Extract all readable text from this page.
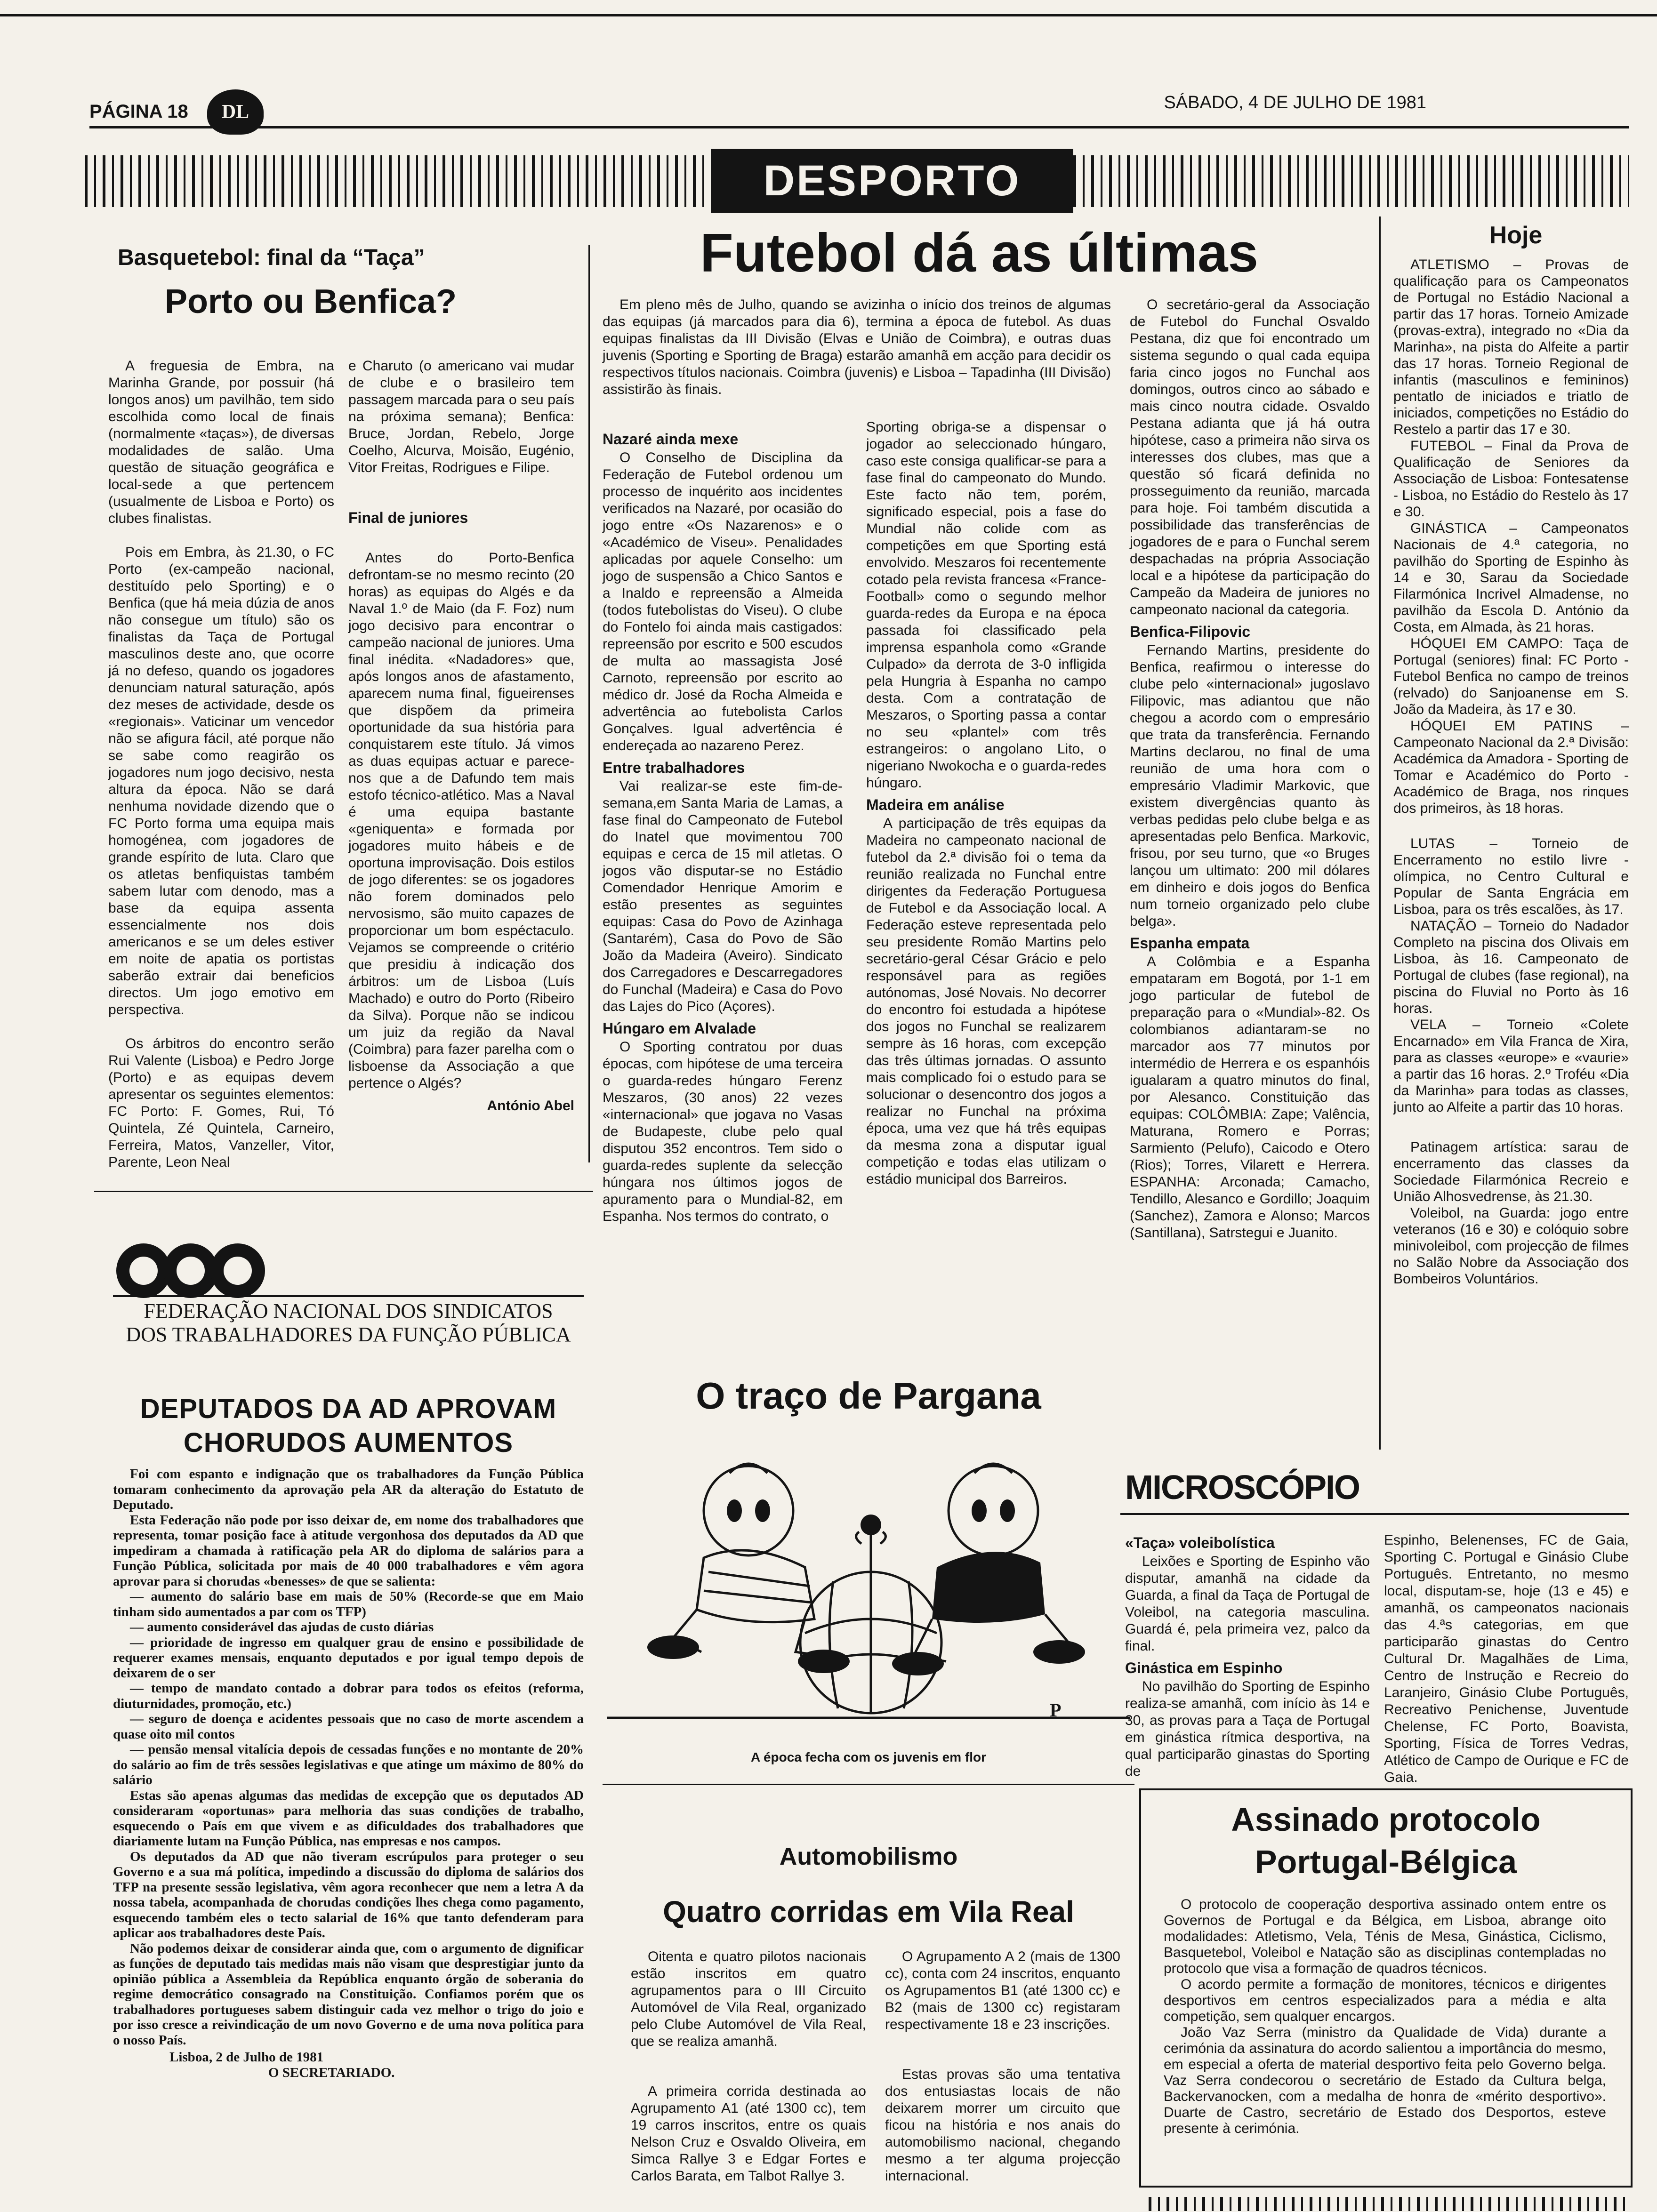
PÁGINA 18	DL	SÁBADO, 4 DE JULHO DE 1981
DESPORTO
Basquetebol: final da “Taça”
Porto ou Benfica?

A freguesia de Embra, na Marinha Grande, por possuir (há longos anos) um pavilhão, tem sido escolhida como local de finais (normalmente «taças»), de diversas modalidades de salão. Uma questão de situação geográfica e local-sede a que pertencem (usualmente de Lisboa e Porto) os clubes finalistas.

Pois em Embra, às 21.30, o FC Porto (ex-campeão nacional, destituído pelo Sporting) e o Benfica (que há meia dúzia de anos não consegue um título) são os finalistas da Taça de Portugal masculinos deste ano, que ocorre já no defeso, quando os jogadores denunciam natural saturação, após dez meses de actividade, desde os «regionais». Vaticinar um vencedor não se afigura fácil, até porque não se sabe como reagirão os jogadores num jogo decisivo, nesta altura da época. Não se dará nenhuma novidade dizendo que o FC Porto forma uma equipa mais homogénea, com jogadores de grande espírito de luta. Claro que os atletas benfiquistas também sabem lutar com denodo, mas a base da equipa assenta essencialmente nos dois americanos e se um deles estiver em noite de apatia os portistas saberão extrair dai beneficios directos. Um jogo emotivo em perspectiva.

Os árbitros do encontro serão Rui Valente (Lisboa) e Pedro Jorge (Porto) e as equipas devem apresentar os seguintes elementos: FC Porto: F. Gomes, Rui, Tó Quintela, Zé Quintela, Carneiro, Ferreira, Matos, Vanzeller, Vitor, Parente, Leon Neal

e Charuto (o americano vai mudar de clube e o brasileiro tem passagem marcada para o seu país na próxima semana); Benfica: Bruce, Jordan, Rebelo, Jorge Coelho, Alcurva, Moisão, Eugénio, Vitor Freitas, Rodrigues e Filipe.

Final de juniores

Antes do Porto-Benfica defrontam-se no mesmo recinto (20 horas) as equipas do Algés e da Naval 1.º de Maio (da F. Foz) num jogo decisivo para encontrar o campeão nacional de juniores. Uma final inédita. «Nadadores» que, após longos anos de afastamento, aparecem numa final, figueirenses que dispõem da primeira oportunidade da sua história para conquistarem este título. Já vimos as duas equipas actuar e parece-nos que a de Dafundo tem mais estofo técnico-atlético. Mas a Naval é uma equipa bastante «geniquenta» e formada por jogadores muito hábeis e de oportuna improvisação. Dois estilos de jogo diferentes: se os jogadores não forem dominados pelo nervosismo, são muito capazes de proporcionar um bom espéctaculo. Vejamos se compreende o critério que presidiu à indicação dos árbitros: um de Lisboa (Luís Machado) e outro do Porto (Ribeiro da Silva). Porque não se indicou um juiz da região da Naval (Coimbra) para fazer parelha com o lisboense da Associação a que pertence o Algés?

António Abel
Futebol dá as últimas

Em pleno mês de Julho, quando se avizinha o início dos treinos de algumas das equipas (já marcados para dia 6), termina a época de futebol. As duas equipas finalistas da III Divisão (Elvas e União de Coimbra), e outras duas juvenis (Sporting e Sporting de Braga) estarão amanhã em acção para decidir os respectivos títulos nacionais. Coimbra (juvenis) e Lisboa – Tapadinha (III Divisão) assistirão às finais.

Nazaré ainda mexe

O Conselho de Disciplina da Federação de Futebol ordenou um processo de inquérito aos incidentes verificados na Nazaré, por ocasião do jogo entre «Os Nazarenos» e o «Académico de Viseu». Penalidades aplicadas por aquele Conselho: um jogo de suspensão a Chico Santos e a Inaldo e repreensão a Almeida (todos futebolistas do Viseu). O clube do Fontelo foi ainda mais castigados: repreensão por escrito e 500 escudos de multa ao massagista José Carnoto, repreensão por escrito ao médico dr. José da Rocha Almeida e advertência ao futebolista Carlos Gonçalves. Igual advertência é endereçada ao nazareno Perez.

Entre trabalhadores

Vai realizar-se este fim-de-semana,em Santa Maria de Lamas, a fase final do Campeonato de Futebol do Inatel que movimentou 700 equipas e cerca de 15 mil atletas. O jogos vão disputar-se no Estádio Comendador Henrique Amorim e estão presentes as seguintes equipas: Casa do Povo de Azinhaga (Santarém), Casa do Povo de São João da Madeira (Aveiro). Sindicato dos Carregadores e Descarregadores do Funchal (Madeira) e Casa do Povo das Lajes do Pico (Açores).

Húngaro em Alvalade

O Sporting contratou por duas épocas, com hipótese de uma terceira o guarda-redes húngaro Ferenz Meszaros, (30 anos) 22 vezes «internacional» que jogava no Vasas de Budapeste, clube pelo qual disputou 352 encontros. Tem sido o guarda-redes suplente da selecção húngara nos últimos jogos de apuramento para o Mundial-82, em Espanha. Nos termos do contrato, o

Sporting obriga-se a dispensar o jogador ao seleccionado húngaro, caso este consiga qualificar-se para a fase final do campeonato do Mundo. Este facto não tem, porém, significado especial, pois a fase do Mundial não colide com as competições em que Sporting está envolvido. Meszaros foi recentemente cotado pela revista francesa «France-Football» como o segundo melhor guarda-redes da Europa e na época passada foi classificado pela imprensa espanhola como «Grande Culpado» da derrota de 3-0 infligida pela Hungria à Espanha no campo desta. Com a contratação de Meszaros, o Sporting passa a contar no seu «plantel» com três estrangeiros: o angolano Lito, o nigeriano Nwokocha e o guarda-redes húngaro.

Madeira em análise

A participação de três equipas da Madeira no campeonato nacional de futebol da 2.ª divisão foi o tema da reunião realizada no Funchal entre dirigentes da Federação Portuguesa de Futebol e da Associação local. A Federação esteve representada pelo seu presidente Romão Martins pelo secretário-geral César Grácio e pelo responsável para as regiões autónomas, José Novais. No decorrer do encontro foi estudada a hipótese dos jogos no Funchal se realizarem sempre às 16 horas, com excepção das três últimas jornadas. O assunto mais complicado foi o estudo para se solucionar o desencontro dos jogos a realizar no Funchal na próxima época, uma vez que há três equipas da mesma zona a disputar igual competição e todas elas utilizam o estádio municipal dos Barreiros.

O secretário-geral da Associação de Futebol do Funchal Osvaldo Pestana, diz que foi encontrado um sistema segundo o qual cada equipa faria cinco jogos no Funchal aos domingos, outros cinco ao sábado e mais cinco noutra cidade. Osvaldo Pestana adianta que já há outra hipótese, caso a primeira não sirva os interesses dos clubes, mas que a questão só ficará definida no prosseguimento da reunião, marcada para hoje. Foi também discutida a possibilidade das transferências de jogadores de e para o Funchal serem despachadas na própria Associação local e a hipótese da participação do Campeão da Madeira de juniores no campeonato nacional da categoria.

Benfica-Filipovic

Fernando Martins, presidente do Benfica, reafirmou o interesse do clube pelo «internacional» jugoslavo Filipovic, mas adiantou que não chegou a acordo com o empresário que trata da transferência. Fernando Martins declarou, no final de uma reunião de uma hora com o empresário Vladimir Markovic, que existem divergências quanto às verbas pedidas pelo clube belga e as apresentadas pelo Benfica. Markovic, frisou, por seu turno, que «o Bruges lançou um ultimato: 200 mil dólares em dinheiro e dois jogos do Benfica num torneio organizado pelo clube belga».

Espanha empata

A Colômbia e a Espanha empataram em Bogotá, por 1-1 em jogo particular de futebol de preparação para o «Mundial»-82. Os colombianos adiantaram-se no marcador aos 77 minutos por intermédio de Herrera e os espanhóis igualaram a quatro minutos do final, por Alesanco. Constituição das equipas: COLÔMBIA: Zape; Valência, Maturana, Romero e Porras; Sarmiento (Pelufo), Caicodo e Otero (Rios); Torres, Vilarett e Herrera. ESPANHA: Arconada; Camacho, Tendillo, Alesanco e Gordillo; Joaquim (Sanchez), Zamora e Alonso; Marcos (Santillana), Satrstegui e Juanito.

Hoje

ATLETISMO – Provas de qualificação para os Campeonatos de Portugal no Estádio Nacional a partir das 17 horas. Torneio Amizade (provas-extra), integrado no «Dia da Marinha», na pista do Alfeite a partir das 17 horas. Torneio Regional de infantis (masculinos e femininos) pentatlo de iniciados e triatlo de iniciados, competições no Estádio do Restelo a partir das 17 e 30.

FUTEBOL – Final da Prova de Qualificação de Seniores da Associação de Lisboa: Fontesatense - Lisboa, no Estádio do Restelo às 17 e 30.

GINÁSTICA – Campeonatos Nacionais de 4.ª categoria, no pavilhão do Sporting de Espinho às 14 e 30, Sarau da Sociedade Filarmónica Incrivel Almadense, no pavilhão da Escola D. António da Costa, em Almada, às 21 horas.

HÓQUEI EM CAMPO: Taça de Portugal (seniores) final: FC Porto - Futebol Benfica no campo de treinos (relvado) do Sanjoanense em S. João da Madeira, às 17 e 30.

HÓQUEI EM PATINS – Campeonato Nacional da 2.ª Divisão: Académica da Amadora - Sporting de Tomar e Académico do Porto - Académico de Braga, nos rinques dos primeiros, às 18 horas.

LUTAS – Torneio de Encerramento no estilo livre - olímpica, no Centro Cultural e Popular de Santa Engrácia em Lisboa, para os três escalões, às 17.

NATAÇÃO – Torneio do Nadador Completo na piscina dos Olivais em Lisboa, às 16. Campeonato de Portugal de clubes (fase regional), na piscina do Fluvial no Porto às 16 horas.

VELA – Torneio «Colete Encarnado» em Vila Franca de Xira, para as classes «europe» e «vaurie» a partir das 16 horas. 2.º Troféu «Dia da Marinha» para todas as classes, junto ao Alfeite a partir das 10 horas.

Patinagem artística: sarau de encerramento das classes da Sociedade Filarmónica Recreio e União Alhosvedrense, às 21.30.

Voleibol, na Guarda: jogo entre veteranos (16 e 30) e colóquio sobre minivoleibol, com projecção de filmes no Salão Nobre da Associação dos Bombeiros Voluntários.

FEDERAÇÃO NACIONAL DOS SINDICATOS
DOS TRABALHADORES DA FUNÇÃO PÚBLICA
DEPUTADOS DA AD APROVAM
CHORUDOS AUMENTOS
Foi com espanto e indignação que os trabalhadores da Função Pública tomaram conhecimento da aprovação pela AR da alteração do Estatuto de Deputado.
Esta Federação não pode por isso deixar de, em nome dos trabalhadores que representa, tomar posição face à atitude vergonhosa dos deputados da AD que impediram a chamada à ratificação pela AR do diploma de salários para a Função Pública, solicitada por mais de 40 000 trabalhadores e vêm agora aprovar para si chorudas «benesses» de que se salienta:
— aumento do salário base em mais de 50% (Recorde-se que em Maio tinham sido aumentados a par com os TFP)
— aumento considerável das ajudas de custo diárias
— prioridade de ingresso em qualquer grau de ensino e possibilidade de requerer exames mensais, enquanto deputados e por igual tempo depois de deixarem de o ser
— tempo de mandato contado a dobrar para todos os efeitos (reforma, diuturnidades, promoção, etc.)
— seguro de doença e acidentes pessoais que no caso de morte ascendem a quase oito mil contos
— pensão mensal vitalícia depois de cessadas funções e no montante de 20% do salário ao fim de três sessões legislativas e que atinge um máximo de 80% do salário
Estas são apenas algumas das medidas de excepção que os deputados AD consideraram «oportunas» para melhoria das suas condições de trabalho, esquecendo o País em que vivem e as dificuldades dos trabalhadores que diariamente lutam na Função Pública, nas empresas e nos campos.
Os deputados da AD que não tiveram escrúpulos para proteger o seu Governo e a sua má política, impedindo a discussão do diploma de salários dos TFP na presente sessão legislativa, vêm agora reconhecer que nem a letra A da nossa tabela, acompanhada de chorudas condições lhes chega como pagamento, esquecendo também eles o tecto salarial de 16% que tanto defenderam para aplicar aos trabalhadores deste País.
Não podemos deixar de considerar ainda que, com o argumento de dignificar as funções de deputado tais medidas mais não visam que desprestigiar junto da opinião pública a Assembleia da República enquanto órgão de soberania do regime democrático consagrado na Constituição. Confiamos porém que os trabalhadores portugueses sabem distinguir cada vez melhor o trigo do joio e por isso cresce a reivindicação de um novo Governo e de uma nova política para o nosso País.
Lisboa, 2 de Julho de 1981
O SECRETARIADO.
O traço de Pargana
P
A época fecha com os juvenis em flor
Automobilismo
Quatro corridas em Vila Real

Oitenta e quatro pilotos nacionais estão inscritos em quatro agrupamentos para o III Circuito Automóvel de Vila Real, organizado pelo Clube Automóvel de Vila Real, que se realiza amanhã.

A primeira corrida destinada ao Agrupamento A1 (até 1300 cc), tem 19 carros inscritos, entre os quais Nelson Cruz e Osvaldo Oliveira, em Simca Rallye 3 e Edgar Fortes e Carlos Barata, em Talbot Rallye 3.

O Agrupamento A 2 (mais de 1300 cc), conta com 24 inscritos, enquanto os Agrupamentos B1 (até 1300 cc) e B2 (mais de 1300 cc) registaram respectivamente 18 e 23 inscrições.

Estas provas são uma tentativa dos entusiastas locais de não deixarem morrer um circuito que ficou na história e nos anais do automobilismo nacional, chegando mesmo a ter alguma projecção internacional.

MICROSCÓPIO
«Taça» voleibolística

Leixões e Sporting de Espinho vão disputar, amanhã na cidade da Guarda, a final da Taça de Portugal de Voleibol, na categoria masculina. Guardá é, pela primeira vez, palco da final.

Ginástica em Espinho

No pavilhão do Sporting de Espinho realiza-se amanhã, com início às 14 e 30, as provas para a Taça de Portugal em ginástica rítmica desportiva, na qual participarão ginastas do Sporting de

Espinho, Belenenses, FC de Gaia, Sporting C. Portugal e Ginásio Clube Português. Entretanto, no mesmo local, disputam-se, hoje (13 e 45) e amanhã, os campeonatos nacionais das 4.ªs categorias, em que participarão ginastas do Centro Cultural Dr. Magalhães de Lima, Centro de Instrução e Recreio do Laranjeiro, Ginásio Clube Português, Recreativo Penichense, Juventude Chelense, FC Porto, Boavista, Sporting, Física de Torres Vedras, Atlético de Campo de Ourique e FC de Gaia.

Assinado protocolo
Portugal-Bélgica

O protocolo de cooperação desportiva assinado ontem entre os Governos de Portugal e da Bélgica, em Lisboa, abrange oito modalidades: Atletismo, Vela, Ténis de Mesa, Ginástica, Ciclismo, Basquetebol, Voleibol e Natação são as disciplinas contempladas no protocolo que visa a formação de quadros técnicos.

O acordo permite a formação de monitores, técnicos e dirigentes desportivos em centros especializados para a média e alta competição, sem qualquer encargos.

João Vaz Serra (ministro da Qualidade de Vida) durante a cerimónia da assinatura do acordo salientou a importância do mesmo, em especial a oferta de material desportivo feita pelo Governo belga. Vaz Serra condecorou o secretário de Estado da Cultura belga, Backervanocken, com a medalha de honra de «mérito desportivo». Duarte de Castro, secretário de Estado dos Desportos, esteve presente à cerimónia.
